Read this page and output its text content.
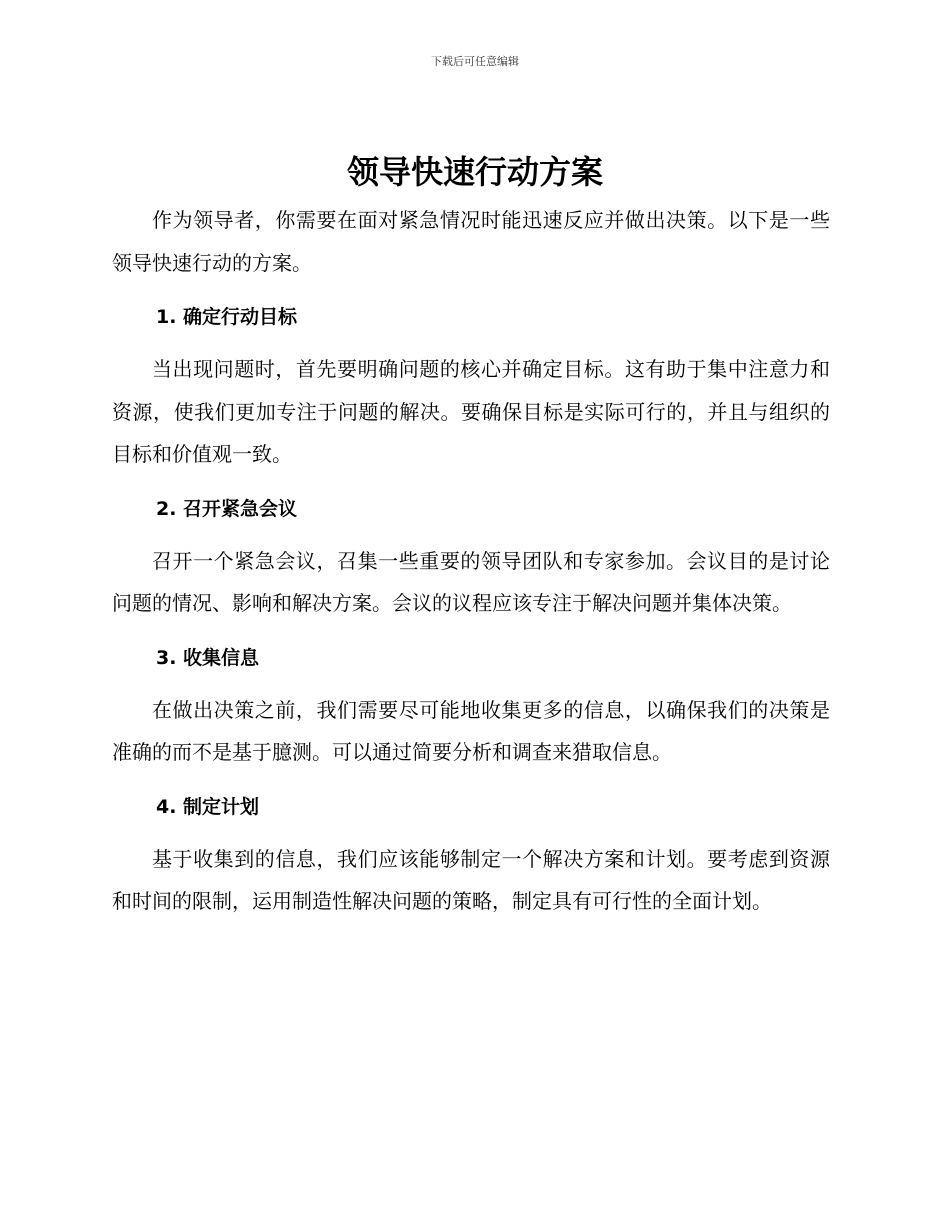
下载后可任意编辑
领导快速行动方案

作为领导者，你需要在面对紧急情况时能迅速反应并做出决策。以下是一些领导快速行动的方案。

1. 确定行动目标

当出现问题时，首先要明确问题的核心并确定目标。这有助于集中注意力和资源，使我们更加专注于问题的解决。要确保目标是实际可行的，并且与组织的目标和价值观一致。

2. 召开紧急会议

召开一个紧急会议，召集一些重要的领导团队和专家参加。会议目的是讨论问题的情况、影响和解决方案。会议的议程应该专注于解决问题并集体决策。

3. 收集信息

在做出决策之前，我们需要尽可能地收集更多的信息，以确保我们的决策是准确的而不是基于臆测。可以通过简要分析和调查来猎取信息。

4. 制定计划

基于收集到的信息，我们应该能够制定一个解决方案和计划。要考虑到资源和时间的限制，运用制造性解决问题的策略，制定具有可行性的全面计划。
